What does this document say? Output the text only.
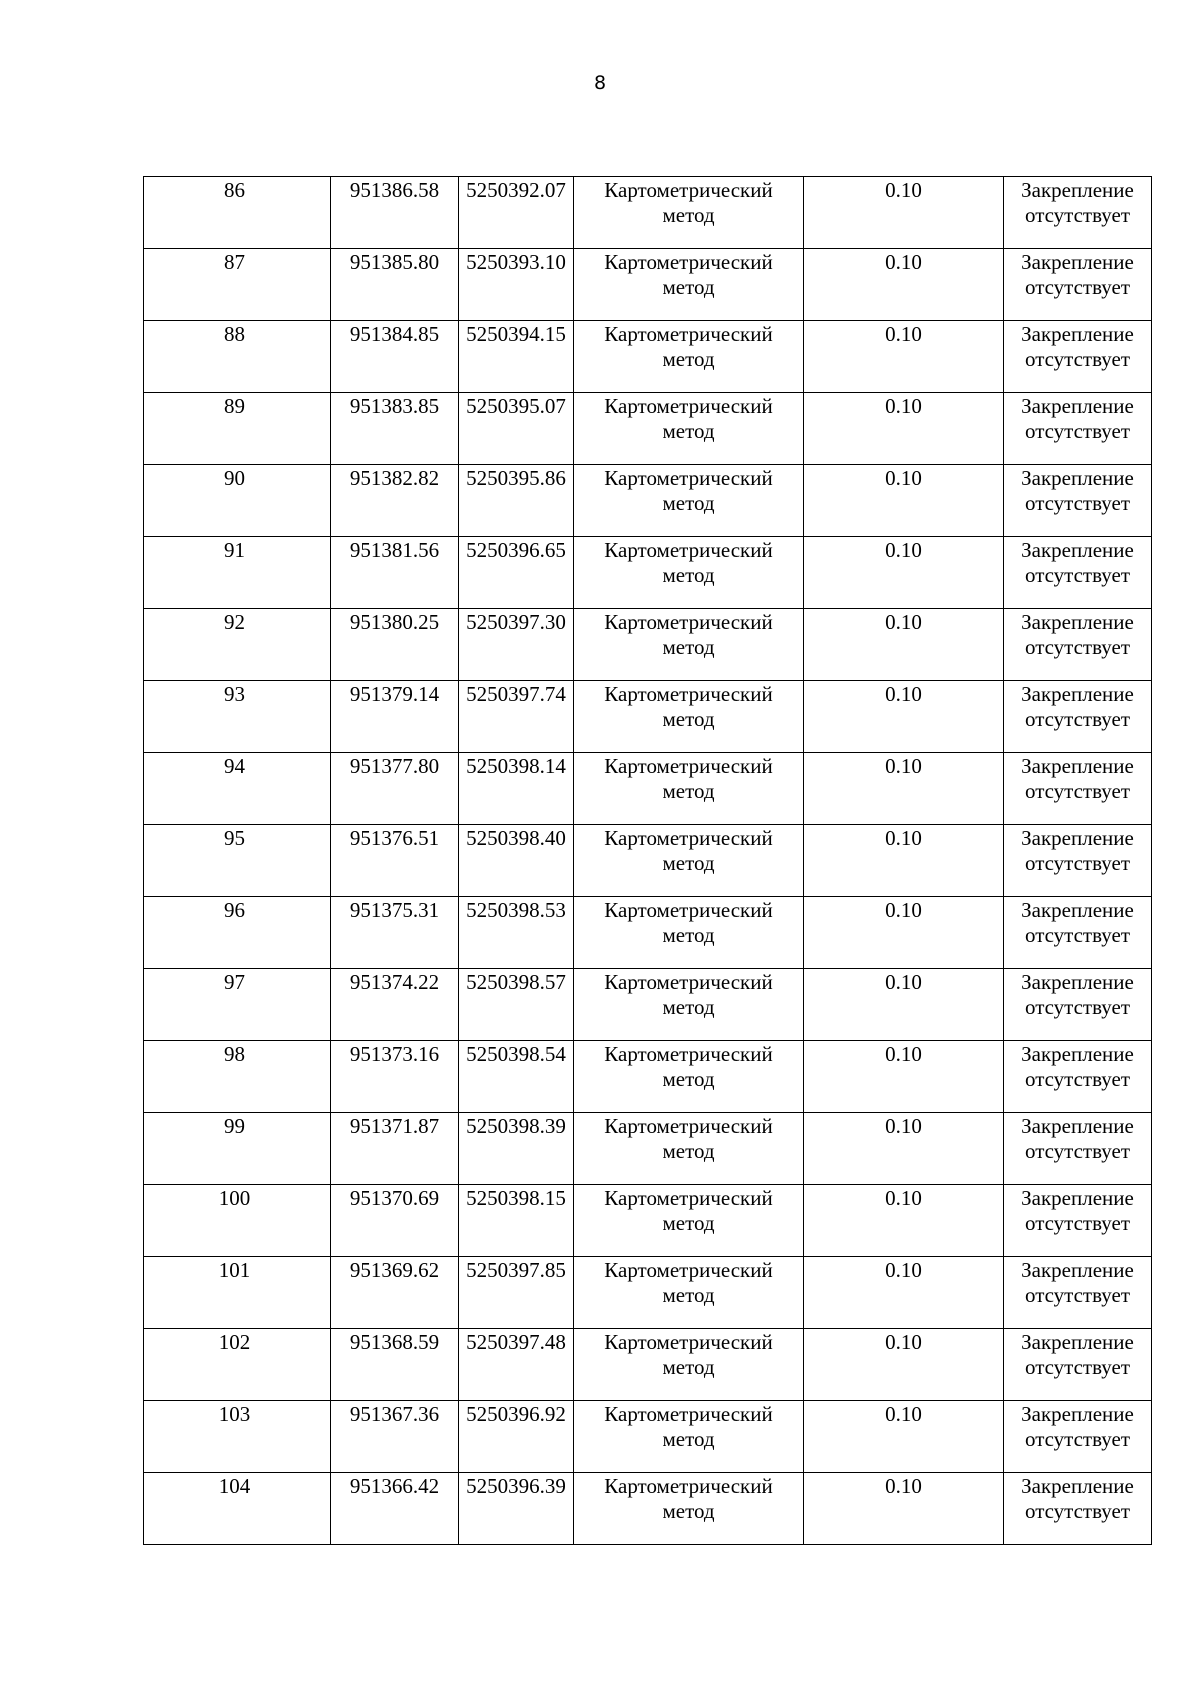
8
86	951386.58	5250392.07	Картометрический метод	0.10	Закрепление отсутствует
87	951385.80	5250393.10	Картометрический метод	0.10	Закрепление отсутствует
88	951384.85	5250394.15	Картометрический метод	0.10	Закрепление отсутствует
89	951383.85	5250395.07	Картометрический метод	0.10	Закрепление отсутствует
90	951382.82	5250395.86	Картометрический метод	0.10	Закрепление отсутствует
91	951381.56	5250396.65	Картометрический метод	0.10	Закрепление отсутствует
92	951380.25	5250397.30	Картометрический метод	0.10	Закрепление отсутствует
93	951379.14	5250397.74	Картометрический метод	0.10	Закрепление отсутствует
94	951377.80	5250398.14	Картометрический метод	0.10	Закрепление отсутствует
95	951376.51	5250398.40	Картометрический метод	0.10	Закрепление отсутствует
96	951375.31	5250398.53	Картометрический метод	0.10	Закрепление отсутствует
97	951374.22	5250398.57	Картометрический метод	0.10	Закрепление отсутствует
98	951373.16	5250398.54	Картометрический метод	0.10	Закрепление отсутствует
99	951371.87	5250398.39	Картометрический метод	0.10	Закрепление отсутствует
100	951370.69	5250398.15	Картометрический метод	0.10	Закрепление отсутствует
101	951369.62	5250397.85	Картометрический метод	0.10	Закрепление отсутствует
102	951368.59	5250397.48	Картометрический метод	0.10	Закрепление отсутствует
103	951367.36	5250396.92	Картометрический метод	0.10	Закрепление отсутствует
104	951366.42	5250396.39	Картометрический метод	0.10	Закрепление отсутствует
